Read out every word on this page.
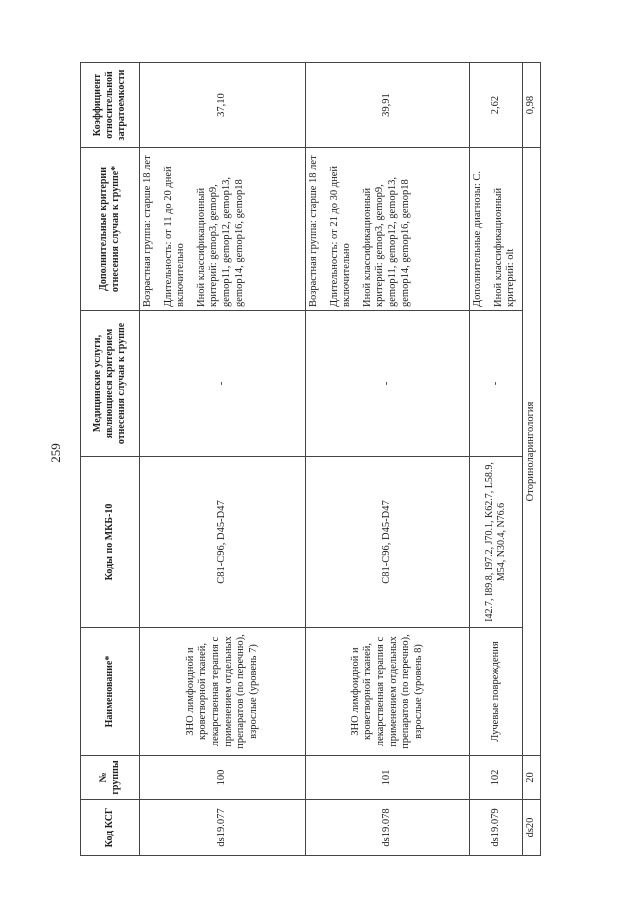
259
Код КСГ	№ группы	Наименование*	Коды по МКБ-10	Медицинские услуги, являющиеся критерием отнесения случая к группе	Дополнительные критерии отнесения случая к группе*	Коэффициент относительной затратоемкости
ds19.077	100	ЗНО лимфоидной и кроветворной тканей, лекарственная терапия с применением отдельных препаратов (по перечню), взрослые (уровень 7)	C81-C96, D45-D47	-	Возрастная группа: старше 18 лет Длительность: от 11 до 20 дней включительно Иной классификационный критерий: gemop3, gemop9, gemop11, gemop12, gemop13, gemop14, gemop16, gemop18	37,10
ds19.078	101	ЗНО лимфоидной и кроветворной тканей, лекарственная терапия с применением отдельных препаратов (по перечню), взрослые (уровень 8)	C81-C96, D45-D47	-	Возрастная группа: старше 18 лет Длительность: от 21 до 30 дней включительно Иной классификационный критерий: gemop3, gemop9, gemop11, gemop12, gemop13, gemop14, gemop16, gemop18	39,91
ds19.079	102	Лучевые повреждения	I42.7, I89.8, I97.2, J70.1, K62.7, L58.9, M54, N30.4, N76.6	-	Дополнительные диагнозы: C. Иной классификационный критерий: olt	2,62
ds20	20	Оториноларингология				0,98
